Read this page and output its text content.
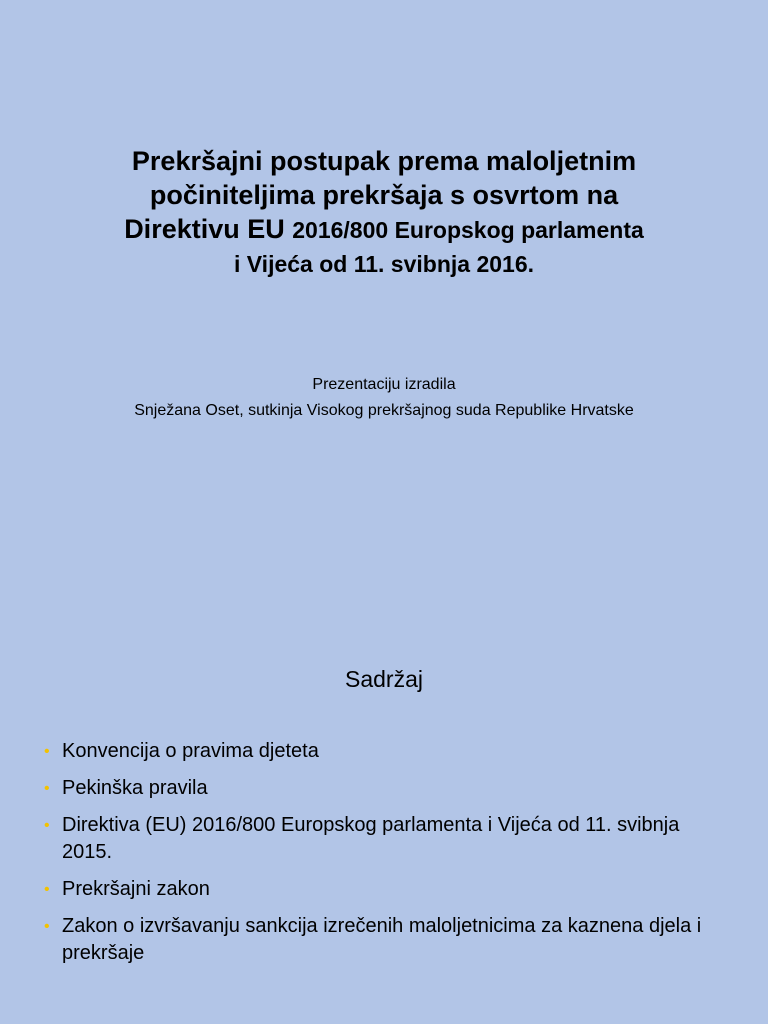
Prekršajni postupak prema maloljetnim
počiniteljima prekršaja s osvrtom na
Direktivu EU 2016/800 Europskog parlamenta
i Vijeća od 11. svibnja 2016.

Prezentaciju izradila

Snježana Oset, sutkinja Visokog prekršajnog suda Republike Hrvatske

Sadržaj
• Konvencija o pravima djeteta
• Pekinška pravila
• Direktiva (EU) 2016/800 Europskog parlamenta i Vijeća od 11. svibnja 2015.
• Prekršajni zakon
• Zakon o izvršavanju sankcija izrečenih maloljetnicima za kaznena djela i prekršaje
